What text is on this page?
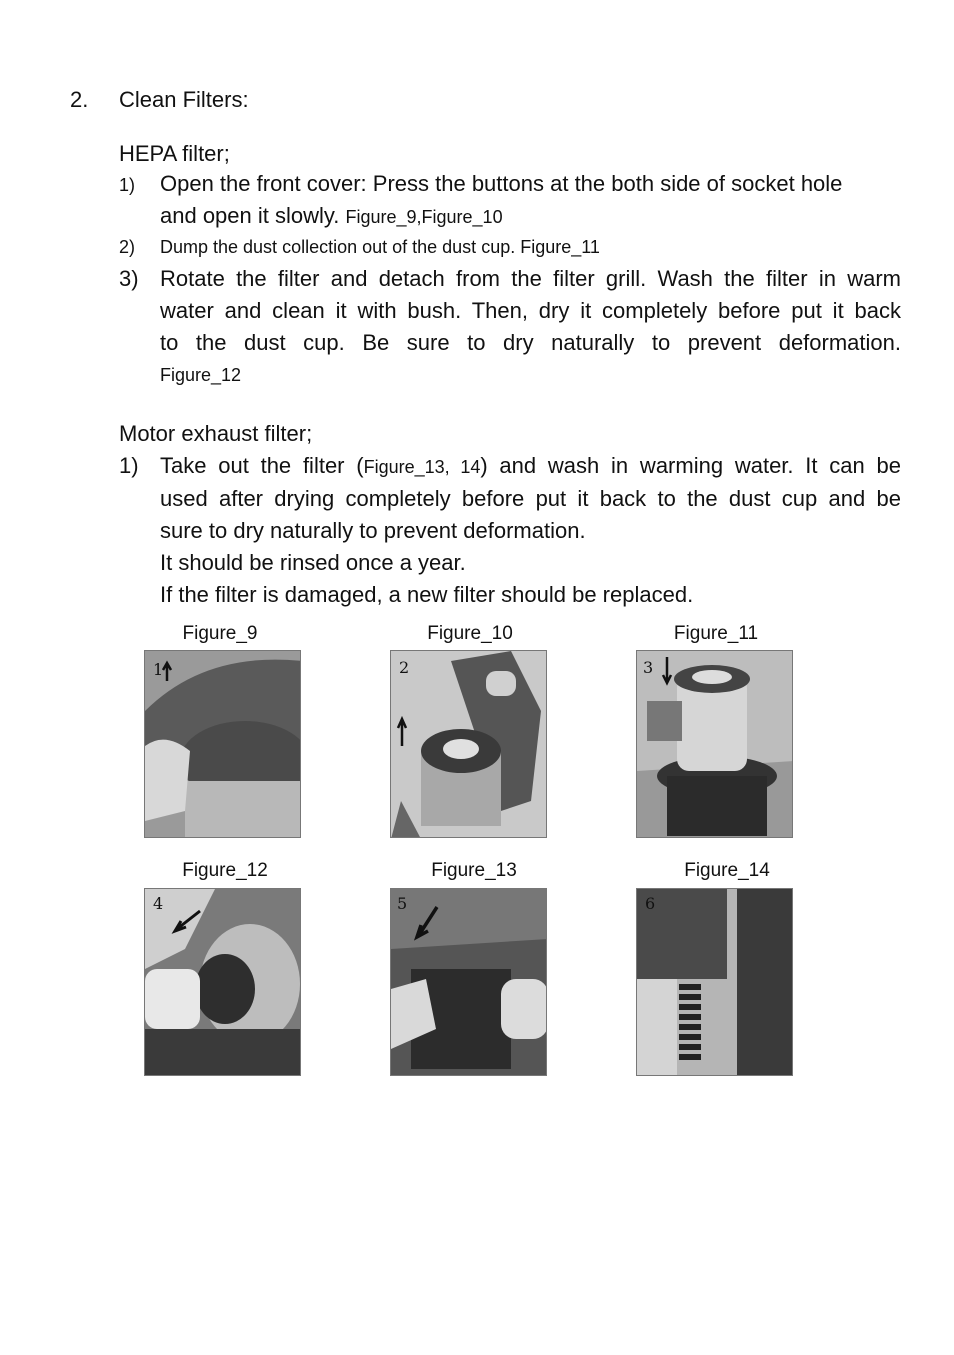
2. Clean Filters:
HEPA filter;
1) Open the front cover: Press the buttons at the both side of socket hole
and open it slowly. Figure_9,Figure_10
2) Dump the dust collection out of the dust cup. Figure_11
3) Rotate the filter and detach from the filter grill. Wash the filter in warm
water and clean it with bush. Then, dry it completely before put it back
to the dust cup. Be sure to dry naturally to prevent deformation.
Figure_12
Motor exhaust filter;
1) Take out the filter (Figure_13, 14) and wash in warming water. It can be
used after drying completely before put it back to the dust cup and be
sure to dry naturally to prevent deformation.
It should be rinsed once a year.
If the filter is damaged, a new filter should be replaced.
Figure_9	Figure_10	Figure_11
Figure_12	Figure_13	Figure_14
1	2	3
4	5	6
